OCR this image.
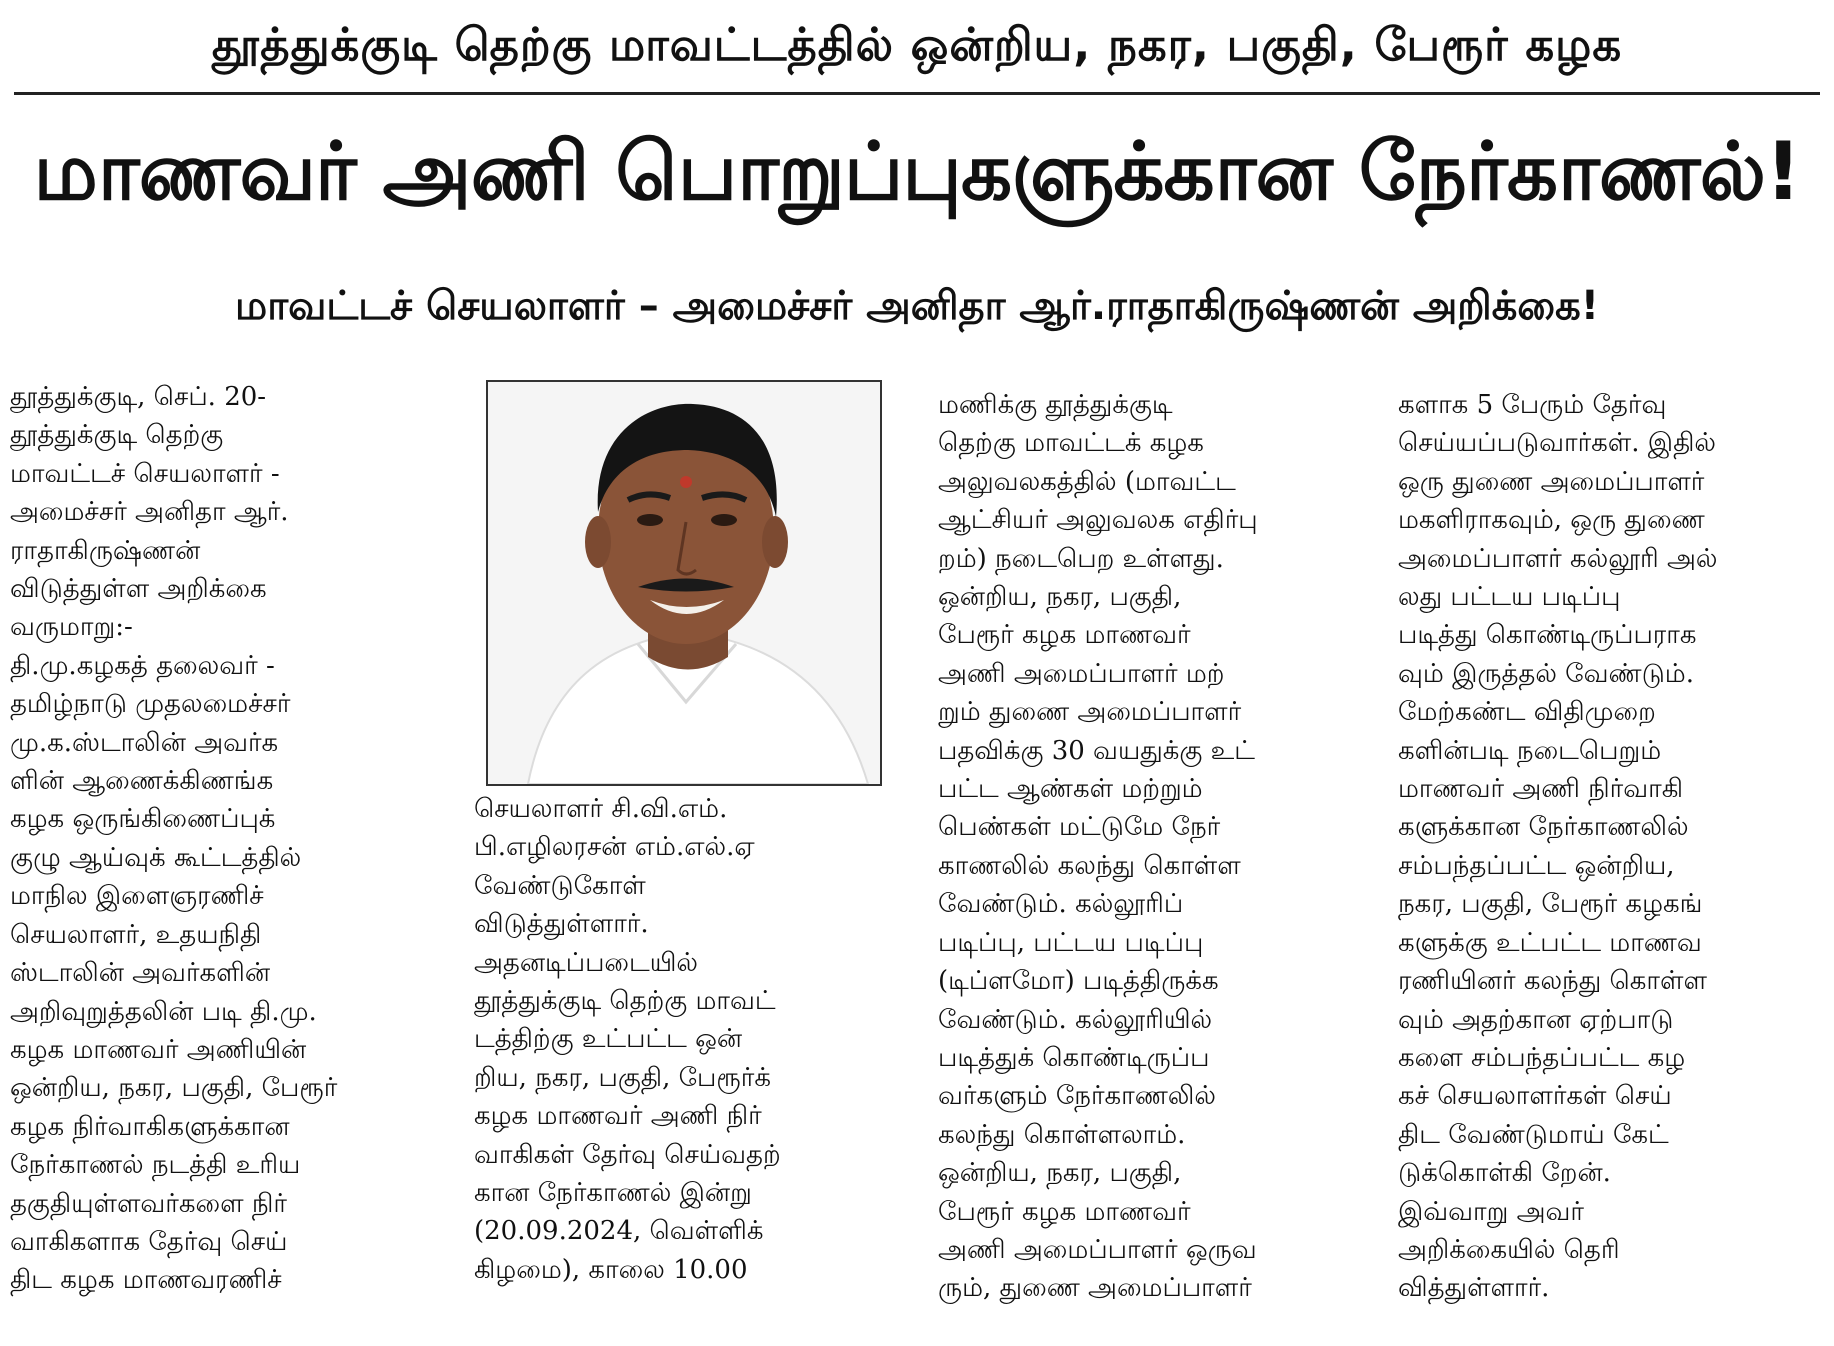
தூத்துக்குடி தெற்கு மாவட்டத்தில் ஒன்றிய, நகர, பகுதி, பேரூர் கழக
மாணவர் அணி பொறுப்புகளுக்கான நேர்காணல்!
மாவட்டச் செயலாளர் – அமைச்சர் அனிதா ஆர்.ராதாகிருஷ்ணன் அறிக்கை!

தூத்துக்குடி, செப். 20-
தூத்துக்குடி தெற்கு
மாவட்டச் செயலாளர் -
அமைச்சர் அனிதா ஆர்.
ராதாகிருஷ்ணன்
விடுத்துள்ள அறிக்கை
வருமாறு:-
தி.மு.கழகத் தலைவர் -
தமிழ்நாடு முதலமைச்சர்
மு.க.ஸ்டாலின் அவர்க
ளின் ஆணைக்கிணங்க
கழக ஒருங்கிணைப்புக்
குழு ஆய்வுக் கூட்டத்தில்
மாநில இளைஞரணிச்
செயலாளர், உதயநிதி
ஸ்டாலின் அவர்களின்
அறிவுறுத்தலின் படி தி.மு.
கழக மாணவர் அணியின்
ஒன்றிய, நகர, பகுதி, பேரூர்
கழக நிர்வாகிகளுக்கான
நேர்காணல் நடத்தி உரிய
தகுதியுள்ளவர்களை நிர்
வாகிகளாக தேர்வு செய்
திட கழக மாணவரணிச்

செயலாளர் சி.வி.எம்.
பி.எழிலரசன் எம்.எல்.ஏ
வேண்டுகோள்
விடுத்துள்ளார்.
அதனடிப்படையில்
தூத்துக்குடி தெற்கு மாவட்
டத்திற்கு உட்பட்ட ஒன்
றிய, நகர, பகுதி, பேரூர்க்
கழக மாணவர் அணி நிர்
வாகிகள் தேர்வு செய்வதற்
கான நேர்காணல் இன்று
(20.09.2024, வெள்ளிக்
கிழமை), காலை 10.00

மணிக்கு தூத்துக்குடி
தெற்கு மாவட்டக் கழக
அலுவலகத்தில் (மாவட்ட
ஆட்சியர் அலுவலக எதிர்பு
றம்) நடைபெற உள்ளது.
ஒன்றிய, நகர, பகுதி,
பேரூர் கழக மாணவர்
அணி அமைப்பாளர் மற்
றும் துணை அமைப்பாளர்
பதவிக்கு 30 வயதுக்கு உட்
பட்ட ஆண்கள் மற்றும்
பெண்கள் மட்டுமே நேர்
காணலில் கலந்து கொள்ள
வேண்டும். கல்லூரிப்
படிப்பு, பட்டய படிப்பு
(டிப்ளமோ) படித்திருக்க
வேண்டும். கல்லூரியில்
படித்துக் கொண்டிருப்ப
வர்களும் நேர்காணலில்
கலந்து கொள்ளலாம்.
ஒன்றிய, நகர, பகுதி,
பேரூர் கழக மாணவர்
அணி அமைப்பாளர் ஒருவ
ரும், துணை அமைப்பாளர்

களாக 5 பேரும் தேர்வு
செய்யப்படுவார்கள். இதில்
ஒரு துணை அமைப்பாளர்
மகளிராகவும், ஒரு துணை
அமைப்பாளர் கல்லூரி அல்
லது பட்டய படிப்பு
படித்து கொண்டிருப்பராக
வும் இருத்தல் வேண்டும்.
மேற்கண்ட விதிமுறை
களின்படி நடைபெறும்
மாணவர் அணி நிர்வாகி
களுக்கான நேர்காணலில்
சம்பந்தப்பட்ட ஒன்றிய,
நகர, பகுதி, பேரூர் கழகங்
களுக்கு உட்பட்ட மாணவ
ரணியினர் கலந்து கொள்ள
வும் அதற்கான ஏற்பாடு
களை சம்பந்தப்பட்ட கழ
கச் செயலாளர்கள் செய்
திட வேண்டுமாய் கேட்
டுக்கொள்கி றேன்.
இவ்வாறு அவர்
அறிக்கையில் தெரி
வித்துள்ளார்.
